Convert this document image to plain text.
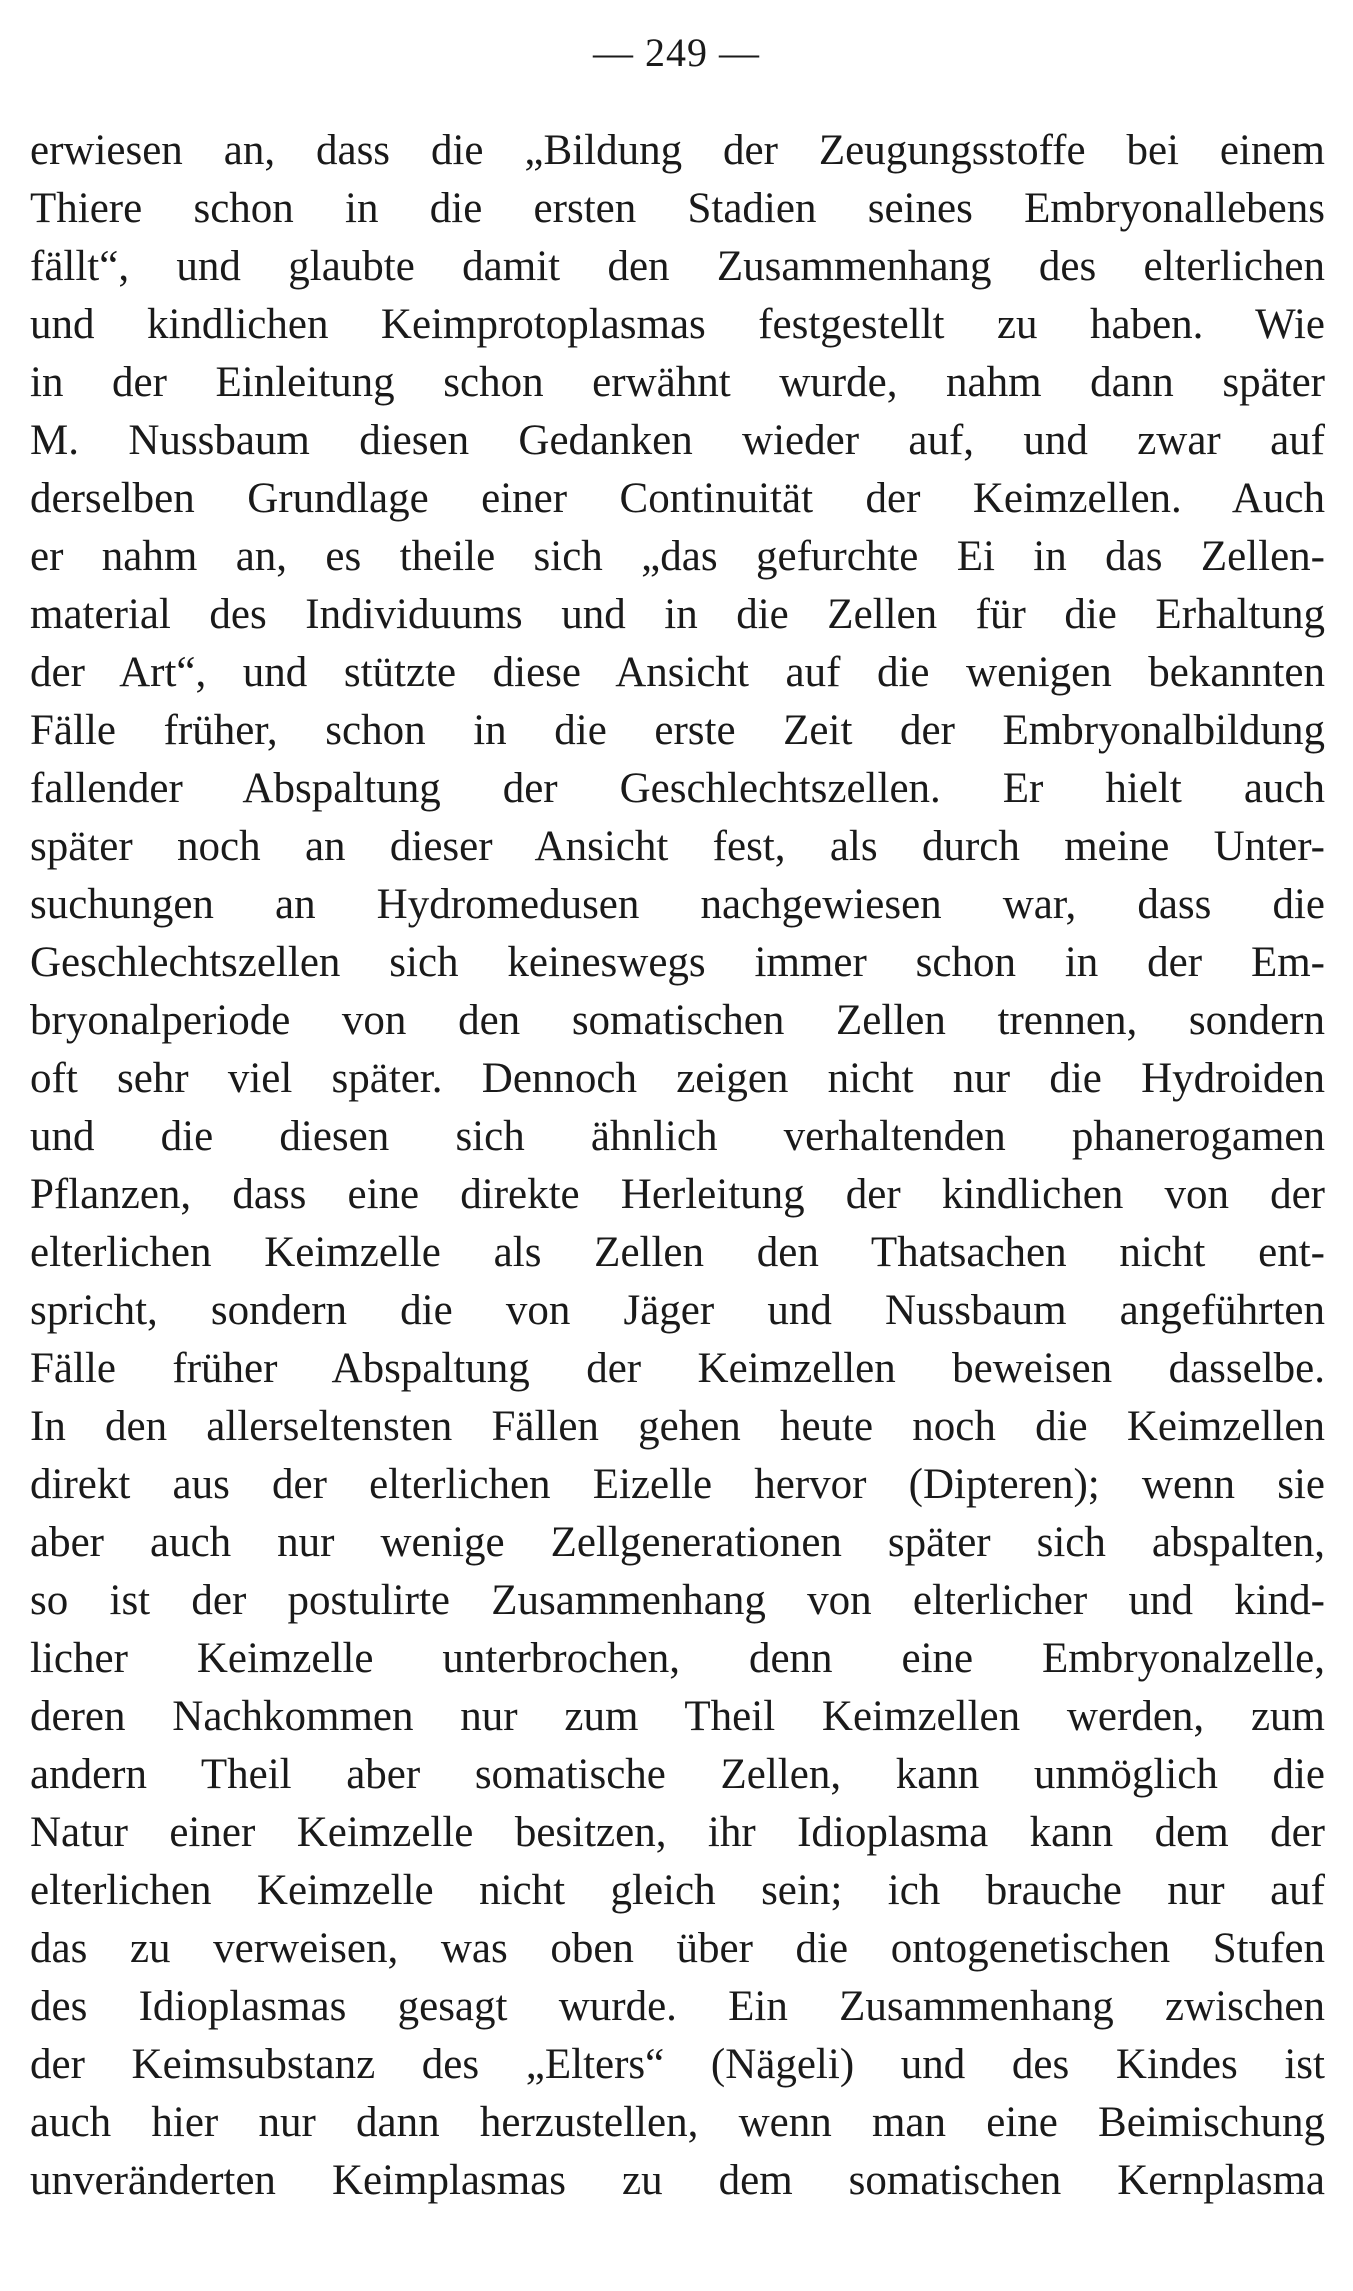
— 249 —
erwiesen an, dass die „Bildung der Zeugungsstoffe bei einem
Thiere schon in die ersten Stadien seines Embryonallebens
fällt“, und glaubte damit den Zusammenhang des elterlichen
und kindlichen Keimprotoplasmas festgestellt zu haben. Wie
in der Einleitung schon erwähnt wurde, nahm dann später
M. Nussbaum diesen Gedanken wieder auf, und zwar auf
derselben Grundlage einer Continuität der Keimzellen. Auch
er nahm an, es theile sich „das gefurchte Ei in das Zellen-
material des Individuums und in die Zellen für die Erhaltung
der Art“, und stützte diese Ansicht auf die wenigen bekannten
Fälle früher, schon in die erste Zeit der Embryonalbildung
fallender Abspaltung der Geschlechtszellen. Er hielt auch
später noch an dieser Ansicht fest, als durch meine Unter-
suchungen an Hydromedusen nachgewiesen war, dass die
Geschlechtszellen sich keineswegs immer schon in der Em-
bryonalperiode von den somatischen Zellen trennen, sondern
oft sehr viel später. Dennoch zeigen nicht nur die Hydroiden
und die diesen sich ähnlich verhaltenden phanerogamen
Pflanzen, dass eine direkte Herleitung der kindlichen von der
elterlichen Keimzelle als Zellen den Thatsachen nicht ent-
spricht, sondern die von Jäger und Nussbaum angeführten
Fälle früher Abspaltung der Keimzellen beweisen dasselbe.
In den allerseltensten Fällen gehen heute noch die Keimzellen
direkt aus der elterlichen Eizelle hervor (Dipteren); wenn sie
aber auch nur wenige Zellgenerationen später sich abspalten,
so ist der postulirte Zusammenhang von elterlicher und kind-
licher Keimzelle unterbrochen, denn eine Embryonalzelle,
deren Nachkommen nur zum Theil Keimzellen werden, zum
andern Theil aber somatische Zellen, kann unmöglich die
Natur einer Keimzelle besitzen, ihr Idioplasma kann dem der
elterlichen Keimzelle nicht gleich sein; ich brauche nur auf
das zu verweisen, was oben über die ontogenetischen Stufen
des Idioplasmas gesagt wurde. Ein Zusammenhang zwischen
der Keimsubstanz des „Elters“ (Nägeli) und des Kindes ist
auch hier nur dann herzustellen, wenn man eine Beimischung
unveränderten Keimplasmas zu dem somatischen Kernplasma
